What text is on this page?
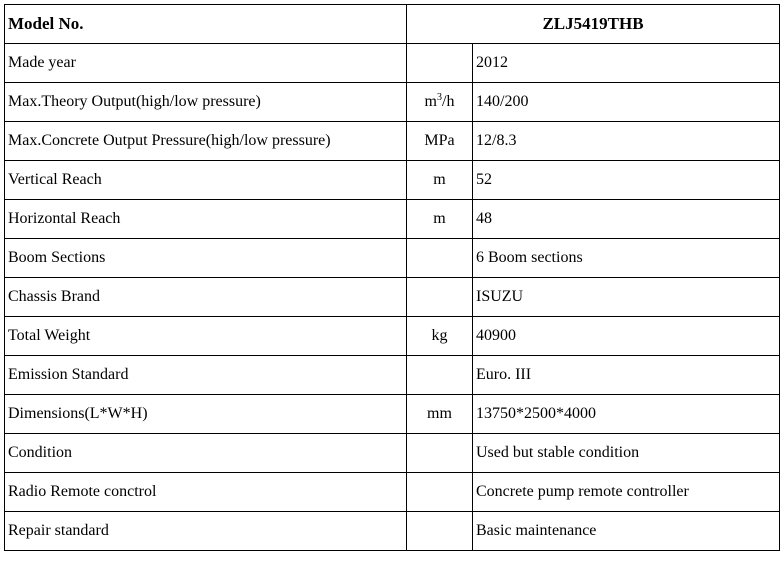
Model No.	ZLJ5419THB	
Made year		2012
Max.Theory Output(high/low pressure)	$m^3/h$	140/200
Max.Concrete Output Pressure(high/low pressure)	MPa	12/8.3
Vertical Reach	m	52
Horizontal Reach	m	48
Boom Sections		6 Boom sections
Chassis Brand		ISUZU
Total Weight	kg	40900
Emission Standard		Euro. III
Dimensions(L*W*H)	mm	13750*2500*4000
Condition		Used but stable condition
Radio Remote conctrol		Concrete pump remote controller
Repair standard		Basic maintenance
